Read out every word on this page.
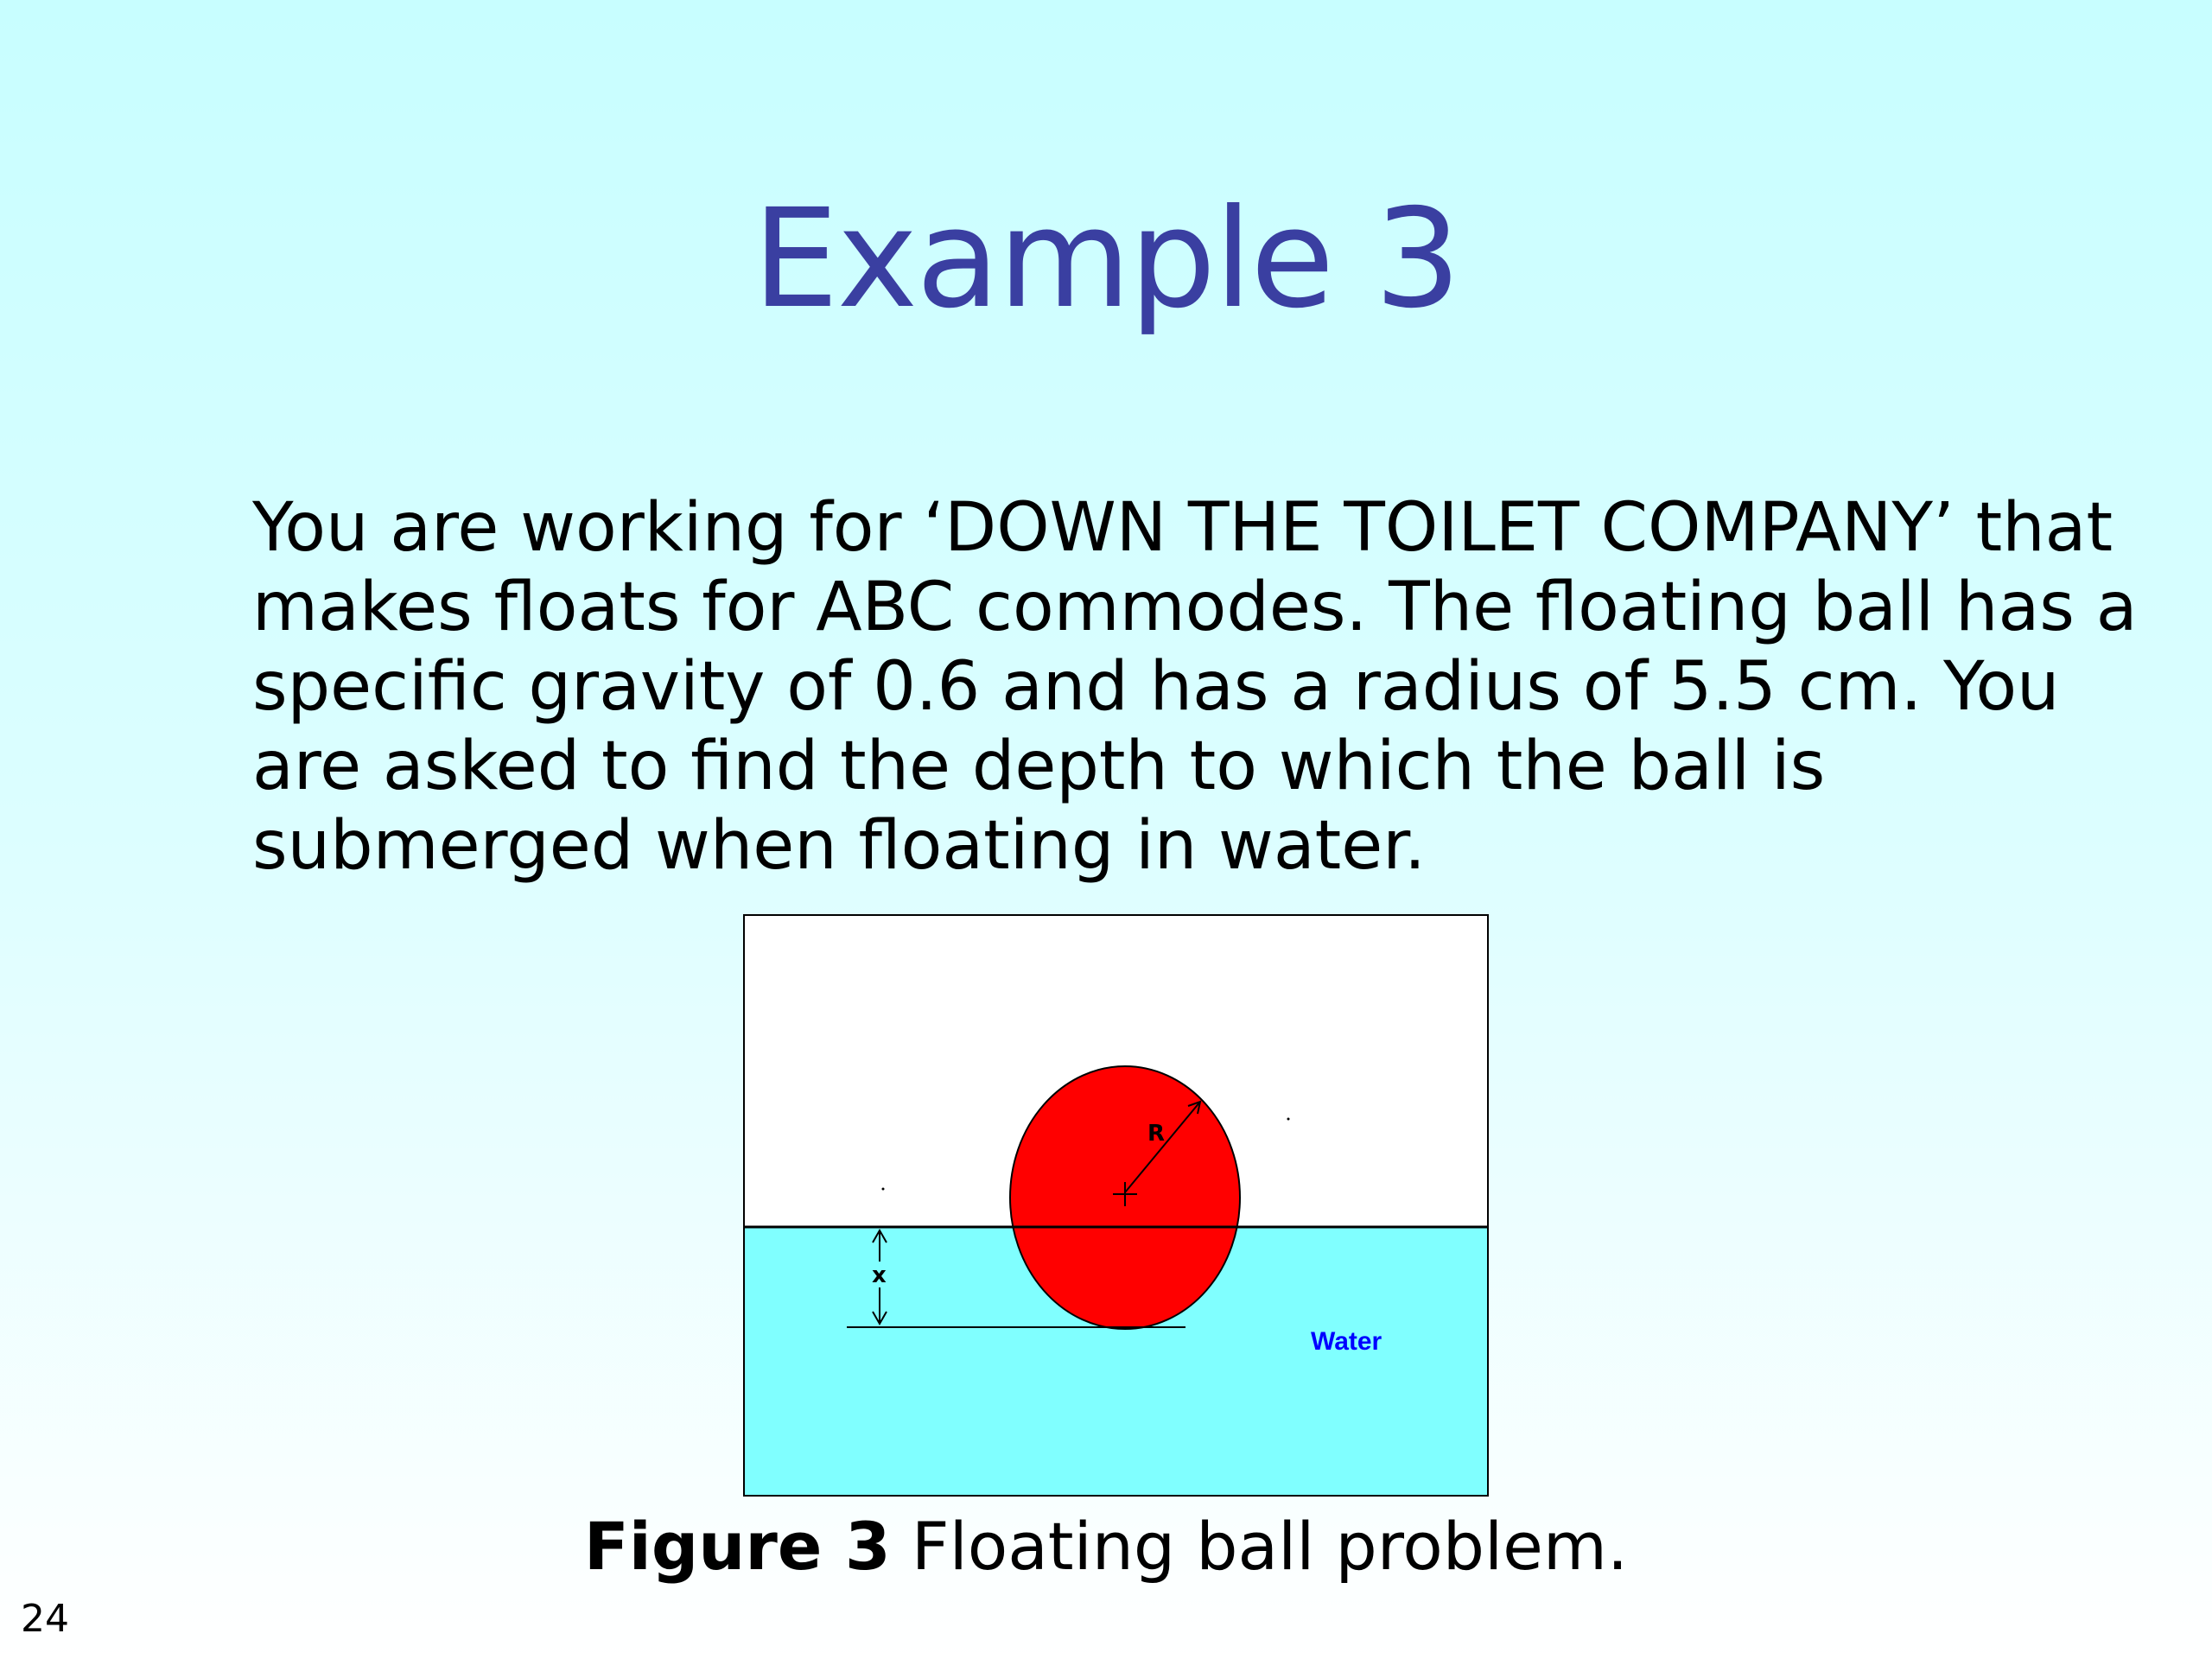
Example 3
You are working for ‘DOWN THE TOILET COMPANY’ that
makes floats for ABC commodes. The floating ball has a
specific gravity of 0.6 and has a radius of 5.5 cm. You
are asked to find the depth to which the ball is
submerged when floating in water.
R
x
Water
Figure 3 Floating ball problem.
24
